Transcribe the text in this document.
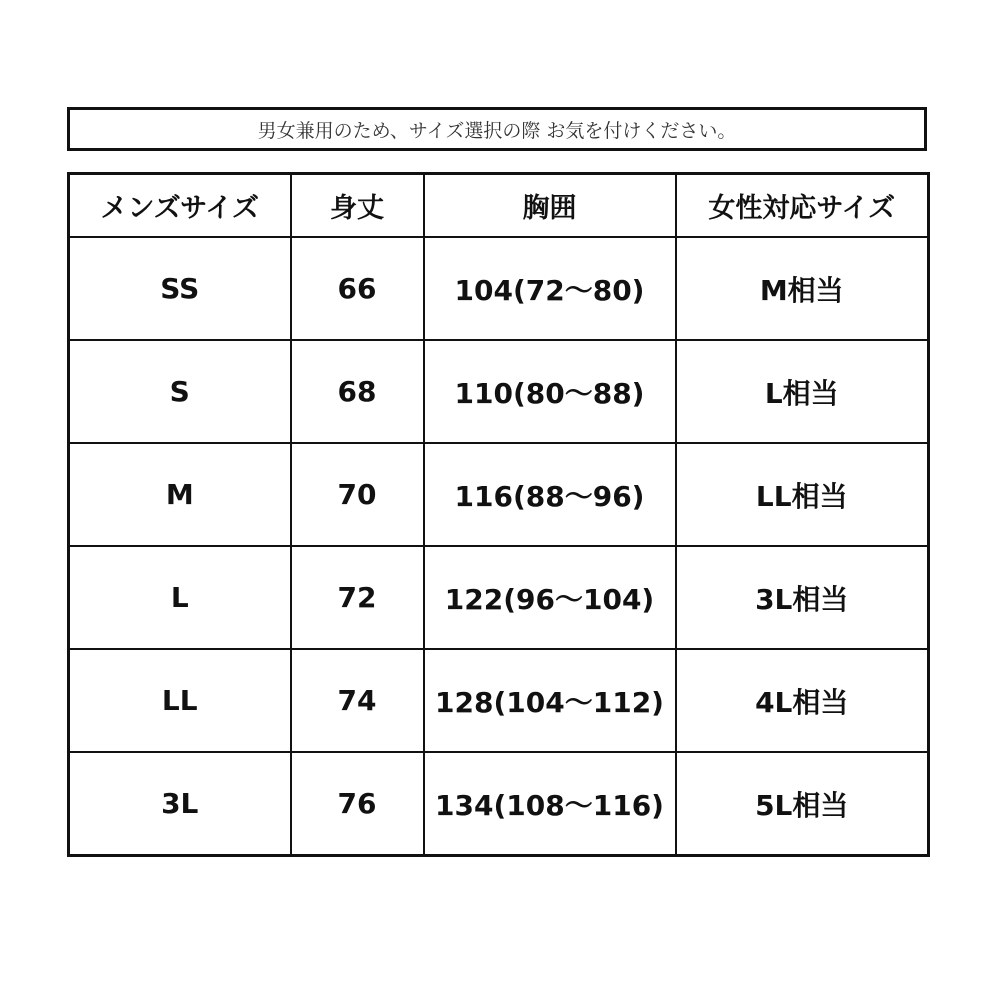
男女兼用のため、サイズ選択の際 お気を付けください。
メンズサイズ	身丈	胸囲	女性対応サイズ
SS	66	104(72〜80)	M相当
S	68	110(80〜88)	L相当
M	70	116(88〜96)	LL相当
L	72	122(96〜104)	3L相当
LL	74	128(104〜112)	4L相当
3L	76	134(108〜116)	5L相当
